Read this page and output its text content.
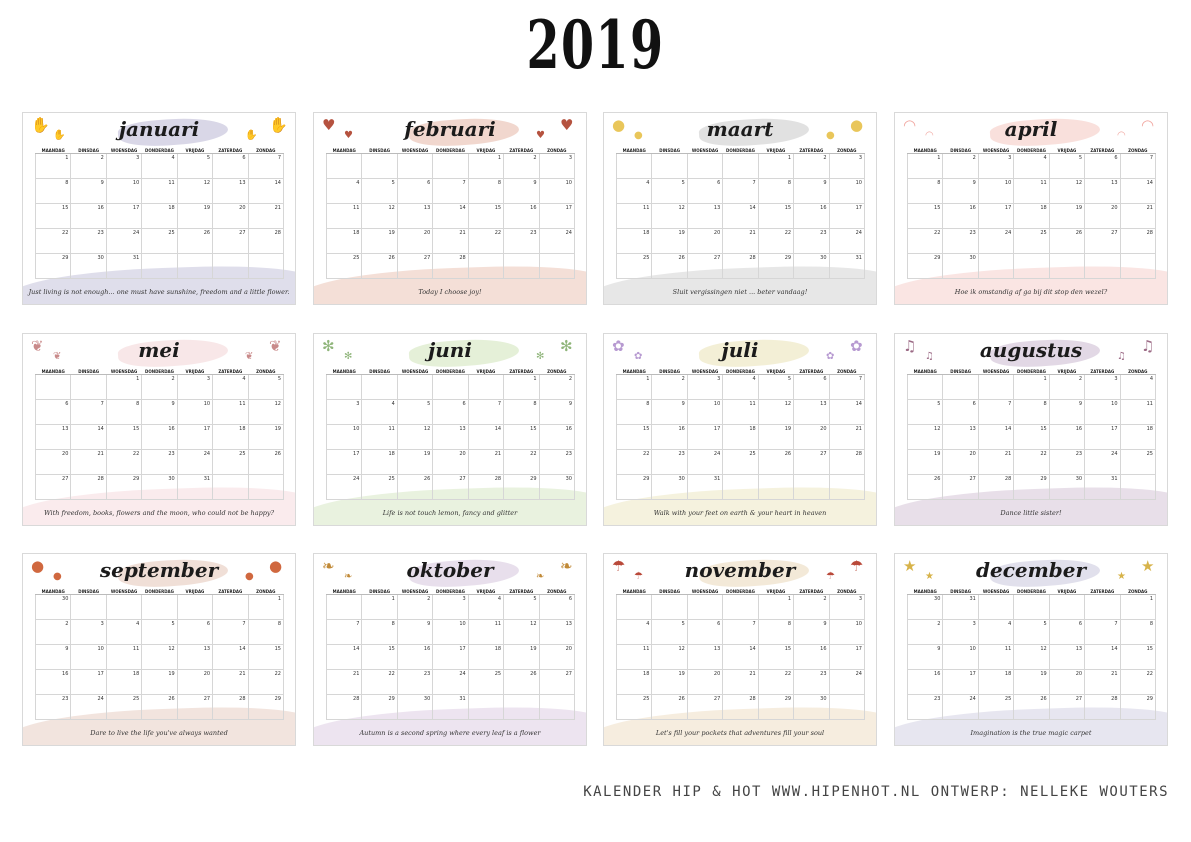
2019
januari
✋	✋
✋	✋
MAANDAG	DINSDAG	WOENSDAG	DONDERDAG	VRIJDAG	ZATERDAG	ZONDAG
1	2	3	4	5	6	7
8	9	10	11	12	13	14
15	16	17	18	19	20	21
22	23	24	25	26	27	28
29	30	31				
Just living is not enough... one must have sunshine, freedom and a little flower.
februari
♥	♥
♥	♥
MAANDAG	DINSDAG	WOENSDAG	DONDERDAG	VRIJDAG	ZATERDAG	ZONDAG
				1	2	3
4	5	6	7	8	9	10
11	12	13	14	15	16	17
18	19	20	21	22	23	24
25	26	27	28			
Today I choose joy!
maart
●	●
●	●
MAANDAG	DINSDAG	WOENSDAG	DONDERDAG	VRIJDAG	ZATERDAG	ZONDAG
				1	2	3
4	5	6	7	8	9	10
11	12	13	14	15	16	17
18	19	20	21	22	23	24
25	26	27	28	29	30	31
Sluit vergissingen niet ... beter vandaag!
april
◠	◠
◠	◠
MAANDAG	DINSDAG	WOENSDAG	DONDERDAG	VRIJDAG	ZATERDAG	ZONDAG
1	2	3	4	5	6	7
8	9	10	11	12	13	14
15	16	17	18	19	20	21
22	23	24	25	26	27	28
29	30					
Hoe ik omstandig af ga bij dit stop den wezel?
mei
❦	❦
❦	❦
MAANDAG	DINSDAG	WOENSDAG	DONDERDAG	VRIJDAG	ZATERDAG	ZONDAG
		1	2	3	4	5
6	7	8	9	10	11	12
13	14	15	16	17	18	19
20	21	22	23	24	25	26
27	28	29	30	31		
With freedom, books, flowers and the moon, who could not be happy?
juni
✻	✻
✻	✻
MAANDAG	DINSDAG	WOENSDAG	DONDERDAG	VRIJDAG	ZATERDAG	ZONDAG
					1	2
3	4	5	6	7	8	9
10	11	12	13	14	15	16
17	18	19	20	21	22	23
24	25	26	27	28	29	30
Life is not touch lemon, fancy and glitter
juli
✿	✿
✿	✿
MAANDAG	DINSDAG	WOENSDAG	DONDERDAG	VRIJDAG	ZATERDAG	ZONDAG
1	2	3	4	5	6	7
8	9	10	11	12	13	14
15	16	17	18	19	20	21
22	23	24	25	26	27	28
29	30	31				
Walk with your feet on earth & your heart in heaven
augustus
♫	♫
♫	♫
MAANDAG	DINSDAG	WOENSDAG	DONDERDAG	VRIJDAG	ZATERDAG	ZONDAG
			1	2	3	4
5	6	7	8	9	10	11
12	13	14	15	16	17	18
19	20	21	22	23	24	25
26	27	28	29	30	31	
Dance little sister!
september
●	●
●	●
MAANDAG	DINSDAG	WOENSDAG	DONDERDAG	VRIJDAG	ZATERDAG	ZONDAG
30						1
2	3	4	5	6	7	8
9	10	11	12	13	14	15
16	17	18	19	20	21	22
23	24	25	26	27	28	29
Dare to live the life you've always wanted
oktober
❧	❧
❧	❧
MAANDAG	DINSDAG	WOENSDAG	DONDERDAG	VRIJDAG	ZATERDAG	ZONDAG
	1	2	3	4	5	6
7	8	9	10	11	12	13
14	15	16	17	18	19	20
21	22	23	24	25	26	27
28	29	30	31			
Autumn is a second spring where every leaf is a flower
november
☂	☂
☂	☂
MAANDAG	DINSDAG	WOENSDAG	DONDERDAG	VRIJDAG	ZATERDAG	ZONDAG
				1	2	3
4	5	6	7	8	9	10
11	12	13	14	15	16	17
18	19	20	21	22	23	24
25	26	27	28	29	30	
Let's fill your pockets that adventures fill your soul
december
★	★
★	★
MAANDAG	DINSDAG	WOENSDAG	DONDERDAG	VRIJDAG	ZATERDAG	ZONDAG
30	31					1
2	3	4	5	6	7	8
9	10	11	12	13	14	15
16	17	18	19	20	21	22
23	24	25	26	27	28	29
Imagination is the true magic carpet
KALENDER HIP & HOT WWW.HIPENHOT.NL ONTWERP: NELLEKE WOUTERS
